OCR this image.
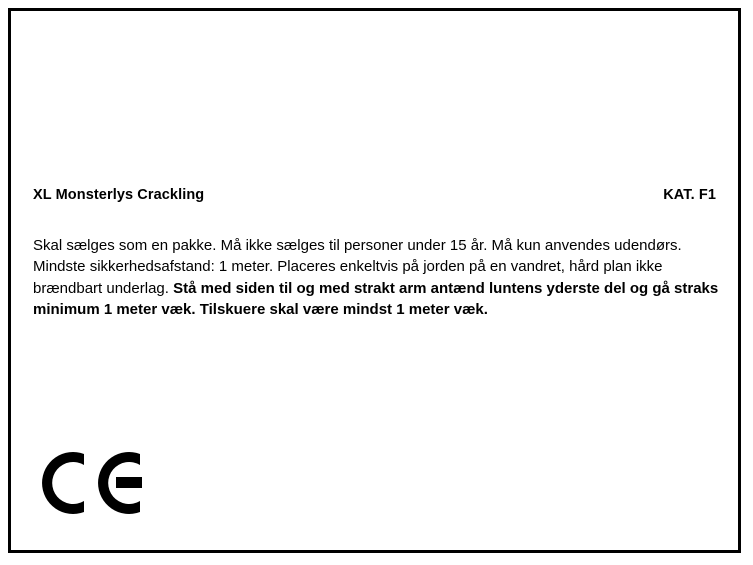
XL Monsterlys Crackling	KAT. F1
Skal sælges som en pakke. Må ikke sælges til personer under 15 år. Må kun anvendes udendørs. Mindste sikkerhedsafstand: 1 meter. Placeres enkeltvis på jorden på en vandret, hård plan ikke brændbart underlag. Stå med siden til og med strakt arm antænd luntens yderste del og gå straks minimum 1 meter væk. Tilskuere skal være mindst 1 meter væk.
